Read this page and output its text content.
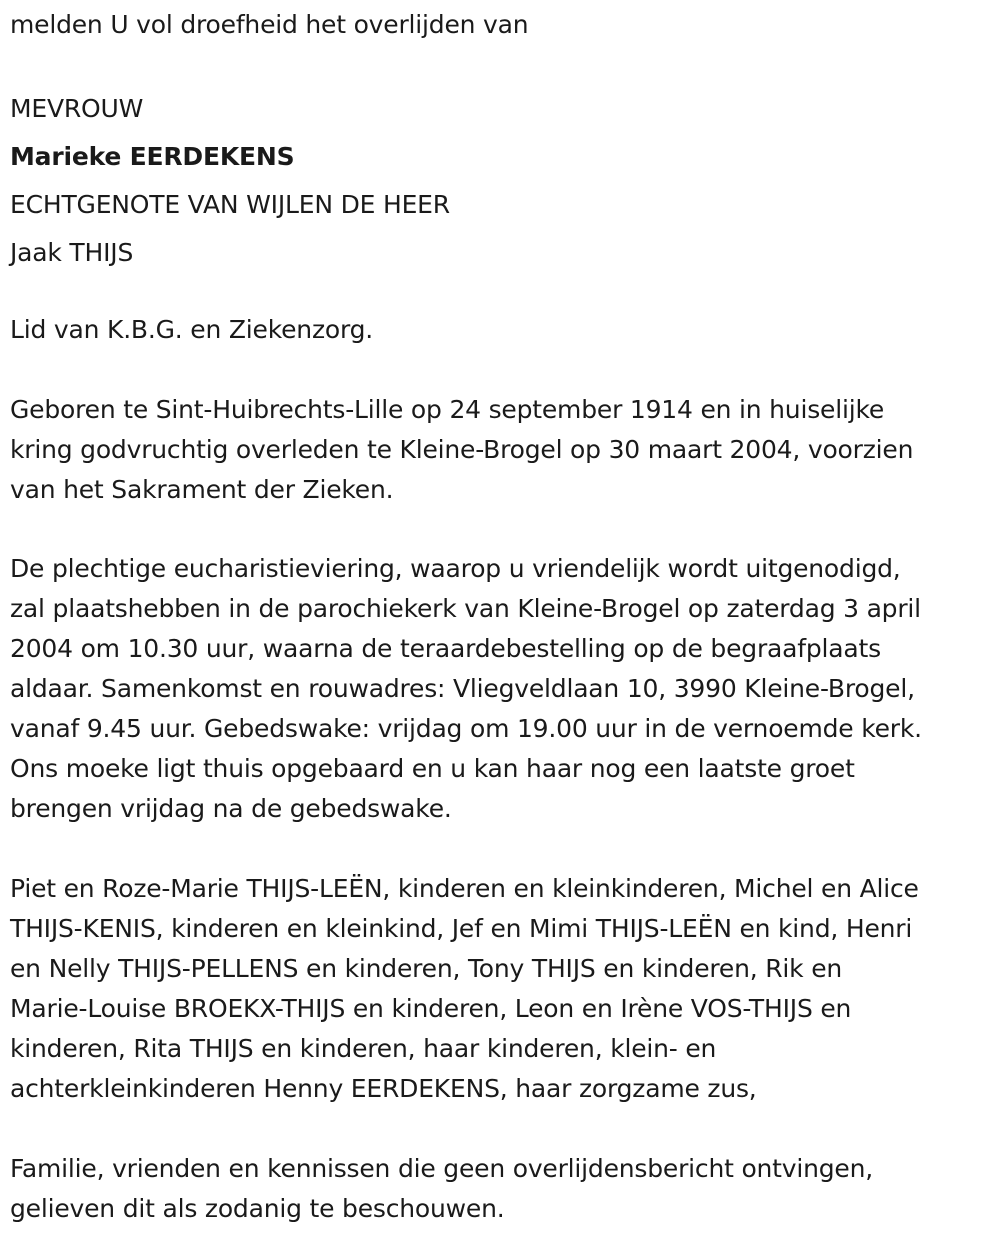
melden U vol droefheid het overlijden van
MEVROUW
Marieke EERDEKENS
ECHTGENOTE VAN WIJLEN DE HEER
Jaak THIJS
Lid van K.B.G. en Ziekenzorg.
Geboren te Sint-Huibrechts-Lille op 24 september 1914 en in huiselijke
kring godvruchtig overleden te Kleine-Brogel op 30 maart 2004, voorzien
van het Sakrament der Zieken.
De plechtige eucharistieviering, waarop u vriendelijk wordt uitgenodigd,
zal plaatshebben in de parochiekerk van Kleine-Brogel op zaterdag 3 april
2004 om 10.30 uur, waarna de teraardebestelling op de begraafplaats
aldaar. Samenkomst en rouwadres: Vliegveldlaan 10, 3990 Kleine-Brogel,
vanaf 9.45 uur. Gebedswake: vrijdag om 19.00 uur in de vernoemde kerk.
Ons moeke ligt thuis opgebaard en u kan haar nog een laatste groet
brengen vrijdag na de gebedswake.
Piet en Roze-Marie THIJS-LEËN, kinderen en kleinkinderen, Michel en Alice
THIJS-KENIS, kinderen en kleinkind, Jef en Mimi THIJS-LEËN en kind, Henri
en Nelly THIJS-PELLENS en kinderen, Tony THIJS en kinderen, Rik en
Marie-Louise BROEKX-THIJS en kinderen, Leon en Irène VOS-THIJS en
kinderen, Rita THIJS en kinderen, haar kinderen, klein- en
achterkleinkinderen Henny EERDEKENS, haar zorgzame zus,
Familie, vrienden en kennissen die geen overlijdensbericht ontvingen,
gelieven dit als zodanig te beschouwen.
